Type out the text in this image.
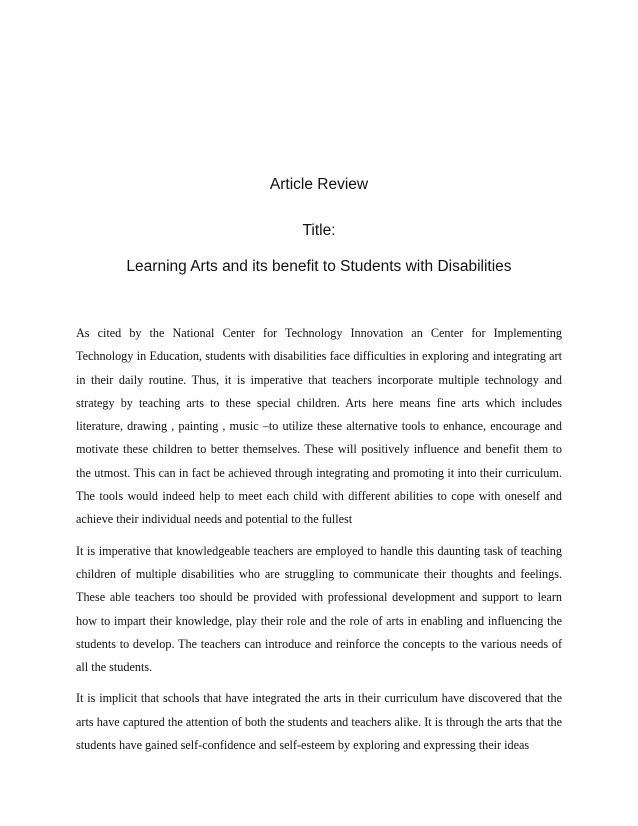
Article Review
Title:
Learning Arts and its benefit to Students with Disabilities

As cited by the National Center for Technology Innovation an Center for Implementing Technology in Education, students with disabilities face difficulties in exploring and integrating art in their daily routine. Thus, it is imperative that teachers incorporate multiple technology and strategy by teaching arts to these special children. Arts here means fine arts which includes literature, drawing , painting , music –to utilize these alternative tools to enhance, encourage and motivate these children to better themselves. These will positively influence and benefit them to the utmost. This can in fact be achieved through integrating and promoting it into their curriculum. The tools would indeed help to meet each child with different abilities to cope with oneself and achieve their individual needs and potential to the fullest

It is imperative that knowledgeable teachers are employed to handle this daunting task of teaching children of multiple disabilities who are struggling to communicate their thoughts and feelings. These able teachers too should be provided with professional development and support to learn how to impart their knowledge, play their role and the role of arts in enabling and influencing the students to develop. The teachers can introduce and reinforce the concepts to the various needs of all the students.

It is implicit that schools that have integrated the arts in their curriculum have discovered that the arts have captured the attention of both the students and teachers alike. It is through the arts that the students have gained self-confidence and self-esteem by exploring and expressing their ideas
